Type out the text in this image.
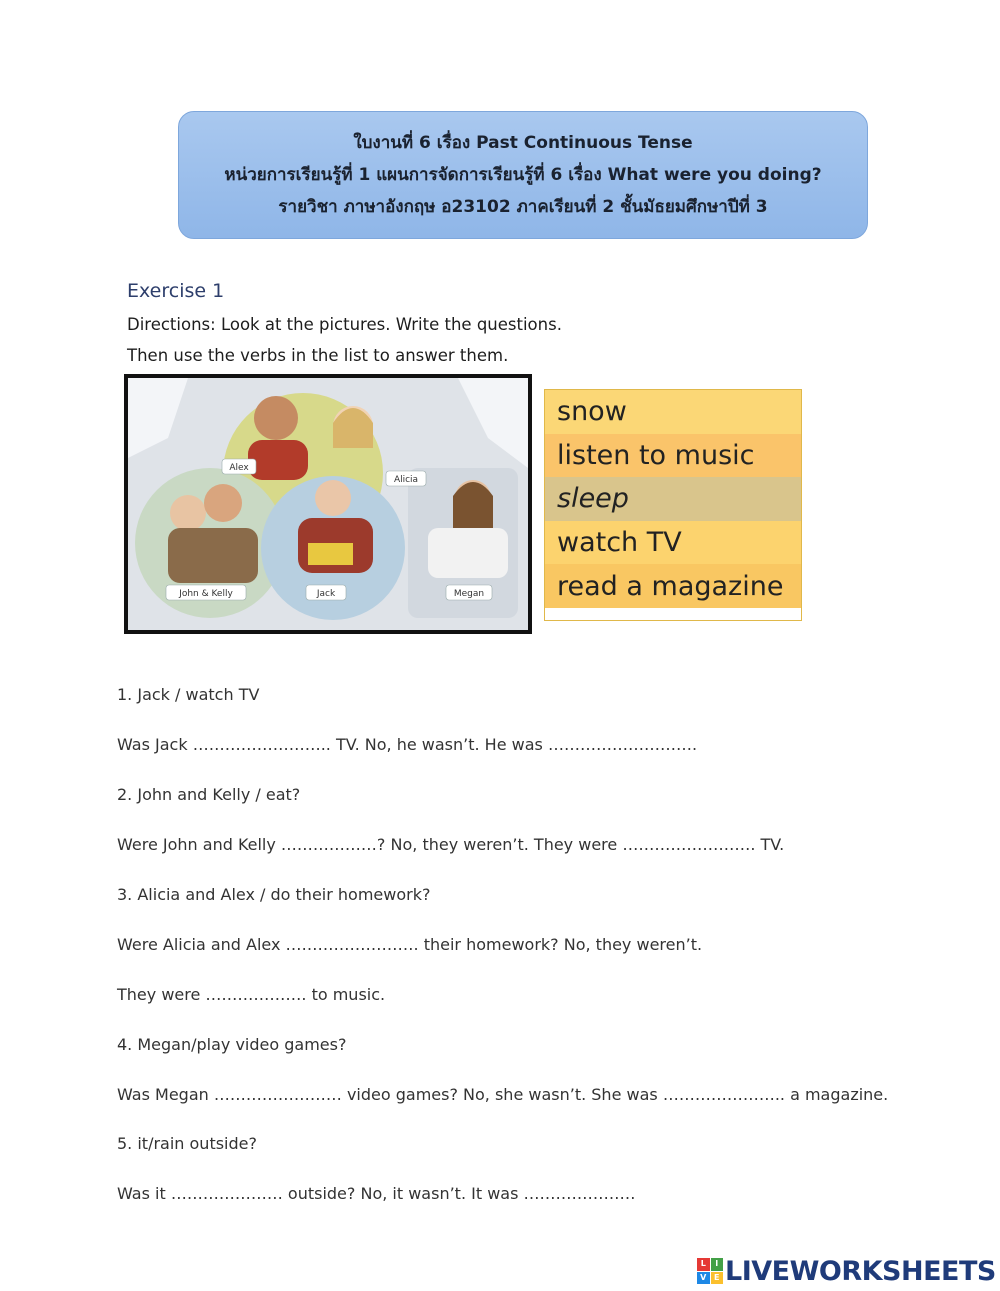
ใบงานที่ 6 เรื่อง Past Continuous Tense
หน่วยการเรียนรู้ที่ 1 แผนการจัดการเรียนรู้ที่ 6 เรื่อง What were you doing?
รายวิชา ภาษาอังกฤษ อ23102 ภาคเรียนที่ 2 ชั้นมัธยมศึกษาปีที่ 3
Exercise 1
Directions: Look at the pictures. Write the questions.
Then use the verbs in the list to answer them.
Alex
Alicia
John & Kelly	Jack	Megan
snow
listen to music
sleep
watch TV
read a magazine
1. Jack / watch TV
Was Jack …………………….. TV. No, he wasn’t. He was ……………………….
2. John and Kelly / eat?
Were John and Kelly ………………? No, they weren’t. They were ……………………. TV.
3. Alicia and Alex / do their homework?
Were Alicia and Alex ……………………. their homework? No, they weren’t.
They were ………………. to music.
4. Megan/play video games?
Was Megan …………………… video games? No, she wasn’t. She was ………………….. a magazine.
5. it/rain outside?
Was it ………………… outside? No, it wasn’t. It was …………………
L	I
V E LIVEWORKSHEETS
